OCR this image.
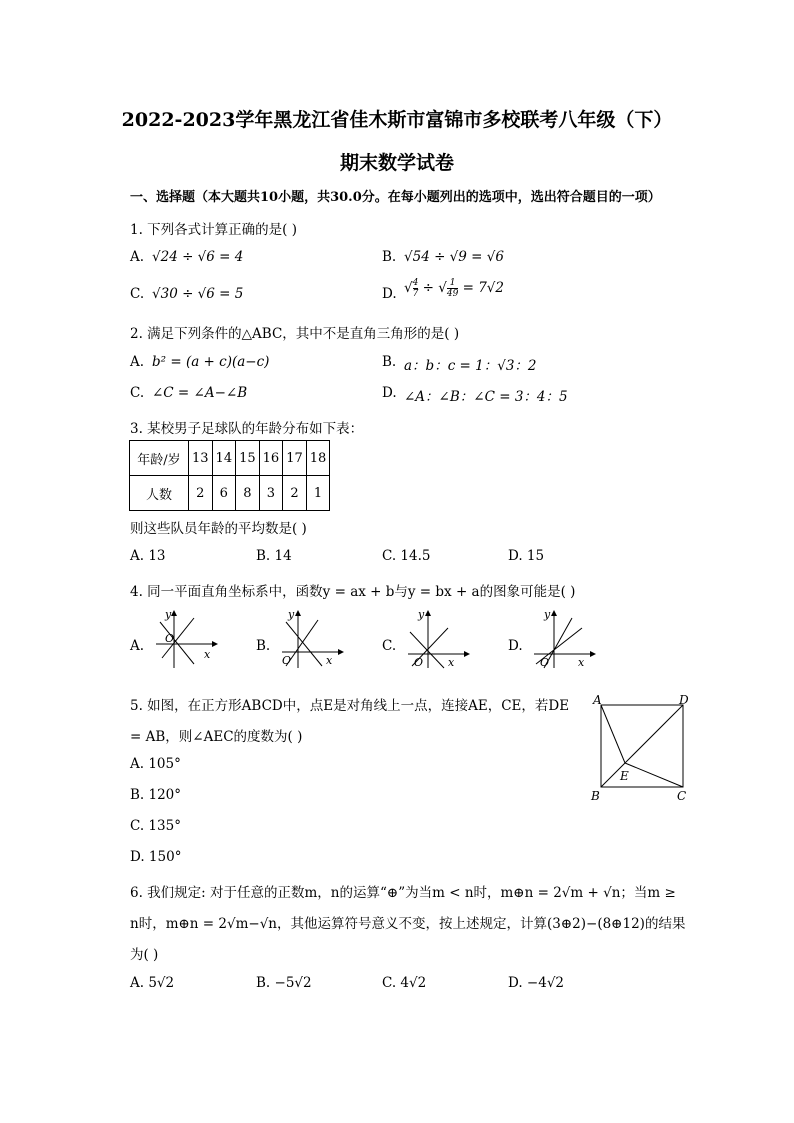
2022-2023学年黑龙江省佳木斯市富锦市多校联考八年级（下）
期末数学试卷
一、选择题（本大题共10小题，共30.0分。在每小题列出的选项中，选出符合题目的一项）
1. 下列各式计算正确的是( )
A. √24 ÷ √6 = 4	B. √54 ÷ √9 = √6
C. √30 ÷ √6 = 5	D. √ $\frac{4}{7}$ ÷ √ $\frac{1}{49} = 7√2$
2. 满足下列条件的△ABC，其中不是直角三角形的是( )
A. b² = (a + c)(a−c)	B. a：b：c = 1：√3：2
C. ∠C = ∠A−∠B	D. ∠A：∠B：∠C = 3：4：5
3. 某校男子足球队的年龄分布如下表：
年龄/岁	13	14	15	16	17	18
人数	2	6	8	3	2	1
则这些队员年龄的平均数是( )
A. 13	B. 14	C. 14.5	D. 15
4. 同一平面直角坐标系中，函数y = ax + b与y = bx + a的图象可能是( )
A.
y
O
x
B.
y
O	x
C.
y
O x
D.
y
O	x
5. 如图，在正方形ABCD中，点E是对角线上一点，连接AE，CE，若DE
= AB，则∠AEC的度数为( )
A. 105°
B. 120°
C. 135°
D. 150°
A	D
B	C
E
6. 我们规定: 对于任意的正数m，n的运算“⊕”为当m < n时，m⊕n = 2√m + √n；当m ≥
n时，m⊕n = 2√m−√n，其他运算符号意义不变，按上述规定，计算(3⊕2)−(8⊕12)的结果
为( )
A. 5√2	B. −5√2	C. 4√2	D. −4√2
